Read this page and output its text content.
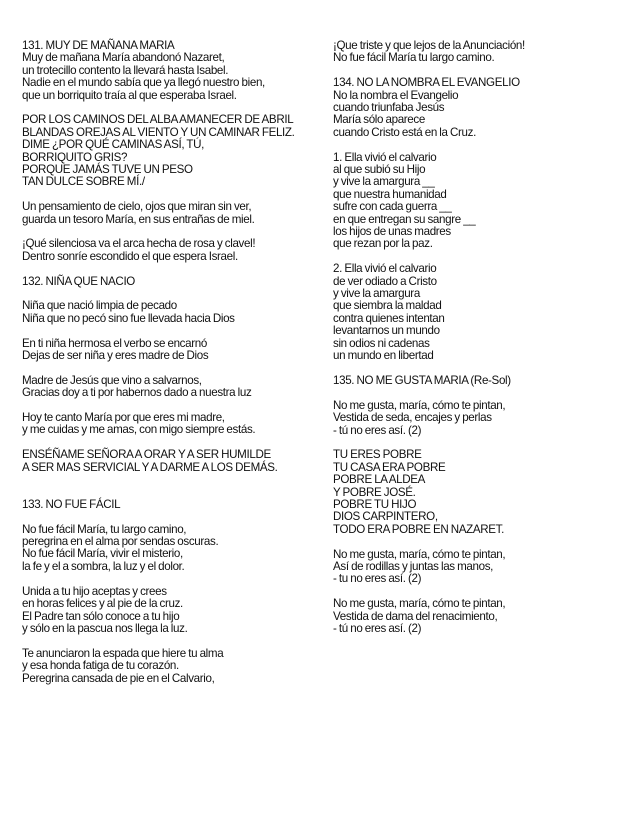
131. MUY DE MAÑANA MARIA
Muy de mañana María abandonó Nazaret,
un trotecillo contento la llevará hasta Isabel.
Nadie en el mundo sabía que ya llegó nuestro bien,
que un borriquito traía al que esperaba Israel.
POR LOS CAMINOS DEL ALBA AMANECER DE ABRIL
BLANDAS OREJAS AL VIENTO Y UN CAMINAR FELIZ.
DIME ¿POR QUÉ CAMINAS ASÍ, TÚ,
BORRIQUITO GRIS?
PORQUE JAMÁS TUVE UN PESO
TAN DULCE SOBRE MÍ./
Un pensamiento de cielo, ojos que miran sin ver,
guarda un tesoro María, en sus entrañas de miel.
¡Qué silenciosa va el arca hecha de rosa y clavel!
Dentro sonríe escondido el que espera Israel.
132. NIÑA QUE NACIO
Niña que nació limpia de pecado
Niña que no pecó sino fue llevada hacia Dios
En ti niña hermosa el verbo se encarnó
Dejas de ser niña y eres madre de Dios
Madre de Jesús que vino a salvarnos,
Gracias doy a ti por habernos dado a nuestra luz
Hoy te canto María por que eres mi madre,
y me cuidas y me amas, con migo siempre estás.
ENSÉÑAME SEÑORA A ORAR Y A SER HUMILDE
A SER MAS SERVICIAL Y A DARME A LOS DEMÁS.
133. NO FUE FÁCIL
No fue fácil María, tu largo camino,
peregrina en el alma por sendas oscuras.
No fue fácil María, vivir el misterio,
la fe y el a sombra, la luz y el dolor.
Unida a tu hijo aceptas y crees
en horas felices y al pie de la cruz.
El Padre tan sólo conoce a tu hijo
y sólo en la pascua nos llega la luz.
Te anunciaron la espada que hiere tu alma
y esa honda fatiga de tu corazón.
Peregrina cansada de pie en el Calvario,
¡Que triste y que lejos de la Anunciación!
No fue fácil María tu largo camino.
134. NO LA NOMBRA EL EVANGELIO
No la nombra el Evangelio
cuando triunfaba Jesús
María sólo aparece
cuando Cristo está en la Cruz.
1. Ella vivió el calvario
al que subió su Hijo
y vive la amargura __
que nuestra humanidad
sufre con cada guerra __
en que entregan su sangre __
los hijos de unas madres
que rezan por la paz.
2. Ella vivió el calvario
de ver odiado a Cristo
y vive la amargura
que siembra la maldad
contra quienes intentan
levantarnos un mundo
sin odios ni cadenas
un mundo en libertad
135. NO ME GUSTA MARIA (Re-Sol)
No me gusta, maría, cómo te pintan,
Vestida de seda, encajes y perlas
- tú no eres así. (2)
TU ERES POBRE
TU CASA ERA POBRE
POBRE LA ALDEA
Y POBRE JOSÉ.
POBRE TU HIJO
DIOS CARPINTERO,
TODO ERA POBRE EN NAZARET.
No me gusta, maría, cómo te pintan,
Así de rodillas y juntas las manos,
- tu no eres así. (2)
No me gusta, maría, cómo te pintan,
Vestida de dama del renacimiento,
- tú no eres así. (2)
